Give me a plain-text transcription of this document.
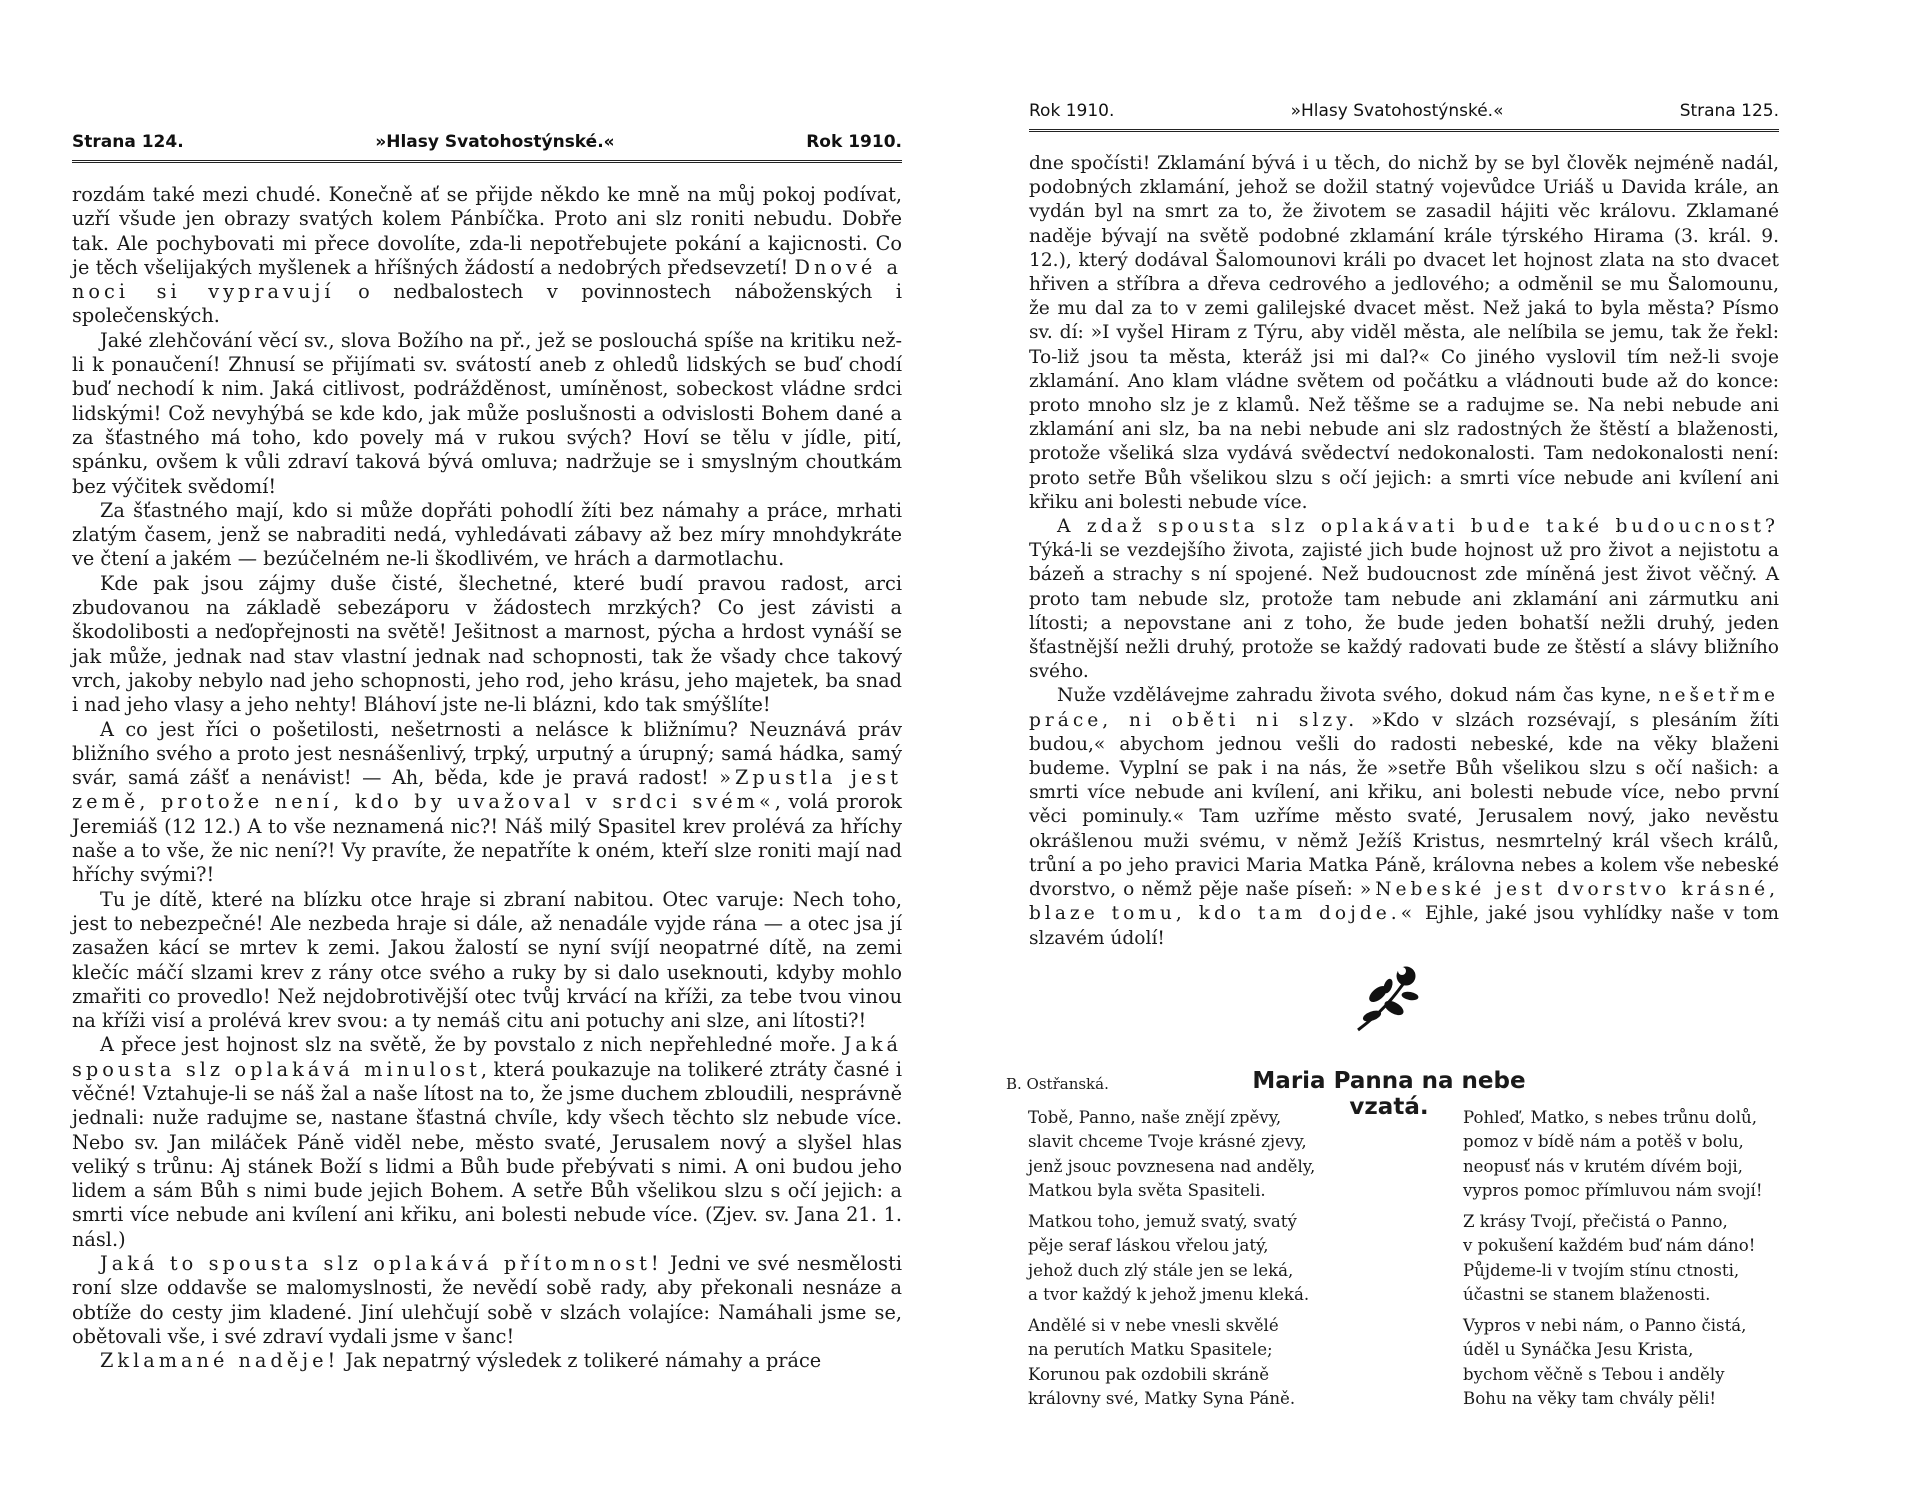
Strana 124.	»Hlasy Svatohostýnské.«	Rok 1910.

rozdám také mezi chudé. Konečně ať se přijde někdo ke mně na můj pokoj podívat, uzří všude jen obrazy svatých kolem Pánbíčka. Proto ani slz roniti nebudu. Dobře tak. Ale pochybovati mi přece dovolíte, zda-li nepotřebujete pokání a kajicnosti. Co je těch všelijakých myšlenek a hříšných žádostí a nedobrých předsevzetí! Dnové a noci si vypravují o nedbalostech v povinnostech náboženských i společenských.

Jaké zlehčování věcí sv., slova Božího na př., jež se poslouchá spíše na kritiku než-li k ponaučení! Zhnusí se přijímati sv. svátostí aneb z ohledů lidských se buď chodí buď nechodí k nim. Jaká citlivost, podrážděnost, umíněnost, sobeckost vládne srdci lidskými! Což nevyhýbá se kde kdo, jak může poslušnosti a odvislosti Bohem dané a za šťastného má toho, kdo povely má v rukou svých? Hoví se tělu v jídle, pití, spánku, ovšem k vůli zdraví taková bývá omluva; nadržuje se i smyslným choutkám bez výčitek svědomí!

Za šťastného mají, kdo si může dopřáti pohodlí žíti bez námahy a práce, mrhati zlatým časem, jenž se nabraditi nedá, vyhledávati zábavy až bez míry mnohdykráte ve čtení a jakém — bezúčelném ne-li škodlivém, ve hrách a darmotlachu.

Kde pak jsou zájmy duše čisté, šlechetné, které budí pravou radost, arci zbudovanou na základě sebezáporu v žádostech mrzkých? Co jest závisti a škodolibosti a neďopřejnosti na světě! Ješitnost a marnost, pýcha a hrdost vynáší se jak může, jednak nad stav vlastní jednak nad schopnosti, tak že všady chce takový vrch, jakoby nebylo nad jeho schopnosti, jeho rod, jeho krásu, jeho majetek, ba snad i nad jeho vlasy a jeho nehty! Bláhoví jste ne-li blázni, kdo tak smýšlíte!

A co jest říci o pošetilosti, nešetrnosti a nelásce k bližnímu? Neuznává práv bližního svého a proto jest nesnášenlivý, trpký, urputný a úrupný; samá hádka, samý svár, samá zášť a nenávist! — Ah, běda, kde je pravá radost! »Zpustla jest země, protože není, kdo by uvažoval v srdci svém«, volá prorok Jeremiáš (12 12.) A to vše neznamená nic?! Náš milý Spasitel krev prolévá za hříchy naše a to vše, že nic není?! Vy pravíte, že nepatříte k oném, kteří slze roniti mají nad hříchy svými?!

Tu je dítě, které na blízku otce hraje si zbraní nabitou. Otec varuje: Nech toho, jest to nebezpečné! Ale nezbeda hraje si dále, až nenadále vyjde rána — a otec jsa jí zasažen kácí se mrtev k zemi. Jakou žalostí se nyní svíjí neopatrné dítě, na zemi klečíc máčí slzami krev z rány otce svého a ruky by si dalo useknouti, kdyby mohlo zmařiti co provedlo! Než nejdobrotivější otec tvůj krvácí na kříži, za tebe tvou vinou na kříži visí a prolévá krev svou: a ty nemáš citu ani potuchy ani slze, ani lítosti?!

A přece jest hojnost slz na světě, že by povstalo z nich nepřehledné moře. Jaká spousta slz oplakává minulost, která poukazuje na tolikeré ztráty časné i věčné! Vztahuje-li se náš žal a naše lítost na to, že jsme duchem zbloudili, nesprávně jednali: nuže radujme se, nastane šťastná chvíle, kdy všech těchto slz nebude více. Nebo sv. Jan miláček Páně viděl nebe, město svaté, Jerusalem nový a slyšel hlas veliký s trůnu: Aj stánek Boží s lidmi a Bůh bude přebývati s nimi. A oni budou jeho lidem a sám Bůh s nimi bude jejich Bohem. A setře Bůh všelikou slzu s očí jejich: a smrti více nebude ani kvílení ani křiku, ani bolesti nebude více. (Zjev. sv. Jana 21. 1. násl.)

Jaká to spousta slz oplakává přítomnost! Jedni ve své nesmělosti roní slze oddavše se malomyslnosti, že nevědí sobě rady, aby překonali nesnáze a obtíže do cesty jim kladené. Jiní ulehčují sobě v slzách volajíce: Namáhali jsme se, obětovali vše, i své zdraví vydali jsme v šanc!

Zklamané naděje! Jak nepatrný výsledek z tolikeré námahy a práce

Rok 1910.	»Hlasy Svatohostýnské.«	Strana 125.

dne spočísti! Zklamání bývá i u těch, do nichž by se byl člověk nejméně nadál, podobných zklamání, jehož se dožil statný vojevůdce Uriáš u Davida krále, an vydán byl na smrt za to, že životem se zasadil hájiti věc královu. Zklamané naděje bývají na světě podobné zklamání krále týrského Hirama (3. král. 9. 12.), který dodával Šalomounovi králi po dvacet let hojnost zlata na sto dvacet hřiven a stříbra a dřeva cedrového a jedlového; a odměnil se mu Šalomounu, že mu dal za to v zemi galilejské dvacet měst. Než jaká to byla města? Písmo sv. dí: »I vyšel Hiram z Týru, aby viděl města, ale nelíbila se jemu, tak že řekl: To-liž jsou ta města, kteráž jsi mi dal?« Co jiného vyslovil tím než-li svoje zklamání. Ano klam vládne světem od počátku a vládnouti bude až do konce: proto mnoho slz je z klamů. Než těšme se a radujme se. Na nebi nebude ani zklamání ani slz, ba na nebi nebude ani slz radostných že štěstí a blaženosti, protože všeliká slza vydává svědectví nedokonalosti. Tam nedokonalosti není: proto setře Bůh všelikou slzu s očí jejich: a smrti více nebude ani kvílení ani křiku ani bolesti nebude více.

A zdaž spousta slz oplakávati bude také budoucnost? Týká-li se vezdejšího života, zajisté jich bude hojnost už pro život a nejistotu a bázeň a strachy s ní spojené. Než budoucnost zde míněná jest život věčný. A proto tam nebude slz, protože tam nebude ani zklamání ani zármutku ani lítosti; a nepovstane ani z toho, že bude jeden bohatší nežli druhý, jeden šťastnější nežli druhý, protože se každý radovati bude ze štěstí a slávy bližního svého.

Nuže vzdělávejme zahradu života svého, dokud nám čas kyne, nešetřme práce, ni oběti ni slzy. »Kdo v slzách rozsévají, s plesáním žíti budou,« abychom jednou vešli do radosti nebeské, kde na věky blaženi budeme. Vyplní se pak i na nás, že »setře Bůh všelikou slzu s očí našich: a smrti více nebude ani kvílení, ani křiku, ani bolesti nebude více, nebo první věci pominuly.« Tam uzříme město svaté, Jerusalem nový, jako nevěstu okrášlenou muži svému, v němž Ježíš Kristus, nesmrtelný král všech králů, trůní a po jeho pravici Maria Matka Páně, královna nebes a kolem vše nebeské dvorstvo, o němž pěje naše píseň: »Nebeské jest dvorstvo krásné, blaze tomu, kdo tam dojde.« Ejhle, jaké jsou vyhlídky naše v tom slzavém údolí!

B. Ostřanská.	Maria Panna na nebe vzatá.
Tobě, Panno, naše znějí zpěvy,
slavit chceme Tvoje krásné zjevy,
jenž jsouc povznesena nad anděly,
Matkou byla světa Spasiteli.
Matkou toho, jemuž svatý, svatý
pěje seraf láskou vřelou jatý,
jehož duch zlý stále jen se leká,
a tvor každý k jehož jmenu kleká.
Andělé si v nebe vnesli skvělé
na perutích Matku Spasitele;
Korunou pak ozdobili skráně
královny své, Matky Syna Páně.
Pohleď, Matko, s nebes trůnu dolů,
pomoz v bídě nám a potěš v bolu,
neopusť nás v krutém dívém boji,
vypros pomoc přímluvou nám svojí!
Z krásy Tvojí, přečistá o Panno,
v pokušení každém buď nám dáno!
Půjdeme-li v tvojím stínu ctnosti,
účastni se stanem blaženosti.
Vypros v nebi nám, o Panno čistá,
úděl u Synáčka Jesu Krista,
bychom věčně s Tebou i anděly
Bohu na věky tam chvály pěli!
